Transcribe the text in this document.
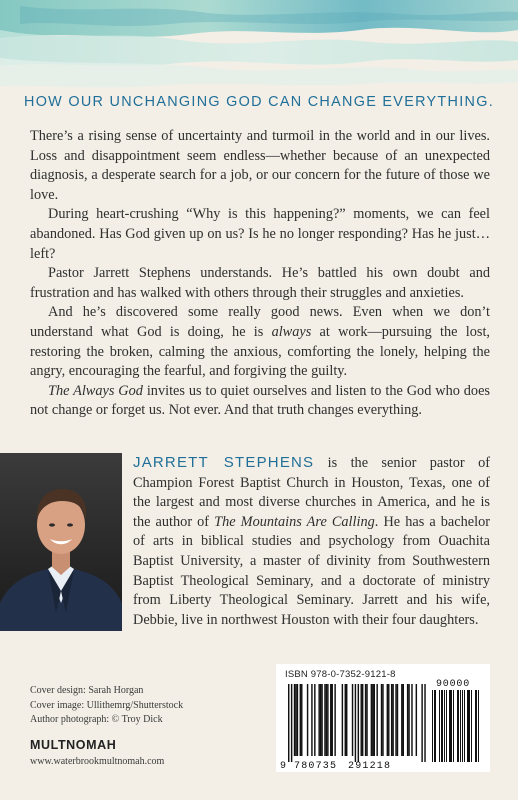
HOW OUR UNCHANGING GOD CAN CHANGE EVERYTHING.

There’s a rising sense of uncertainty and turmoil in the world and in our lives. Loss and disappointment seem endless—whether because of an unexpected diagnosis, a desperate search for a job, or our concern for the future of those we love.

During heart-crushing “Why is this happening?” moments, we can feel abandoned. Has God given up on us? Is he no longer responding? Has he just…left?

Pastor Jarrett Stephens understands. He’s battled his own doubt and frustration and has walked with others through their struggles and anxieties.

And he’s discovered some really good news. Even when we don’t understand what God is doing, he is always at work—pursuing the lost, restoring the broken, calming the anxious, comforting the lonely, helping the angry, encouraging the fearful, and forgiving the guilty.

The Always God invites us to quiet ourselves and listen to the God who does not change or forget us. Not ever. And that truth changes everything.

JARRETT STEPHENS is the senior pastor of Champion Forest Baptist Church in Houston, Texas, one of the largest and most diverse churches in America, and he is the author of The Mountains Are Calling. He has a bachelor of arts in biblical studies and psychology from Ouachita Baptist University, a master of divinity from Southwestern Baptist Theological Seminary, and a doctorate of ministry from Liberty Theological Seminary. Jarrett and his wife, Debbie, live in northwest Houston with their four daughters.
Cover design: Sarah Horgan
Cover image: Ullithemrg/Shutterstock
Author photograph: © Troy Dick
MULTNOMAH
www.waterbrookmultnomah.com
ISBN 978-0-7352-9121-8
9 780735 291218
90000
